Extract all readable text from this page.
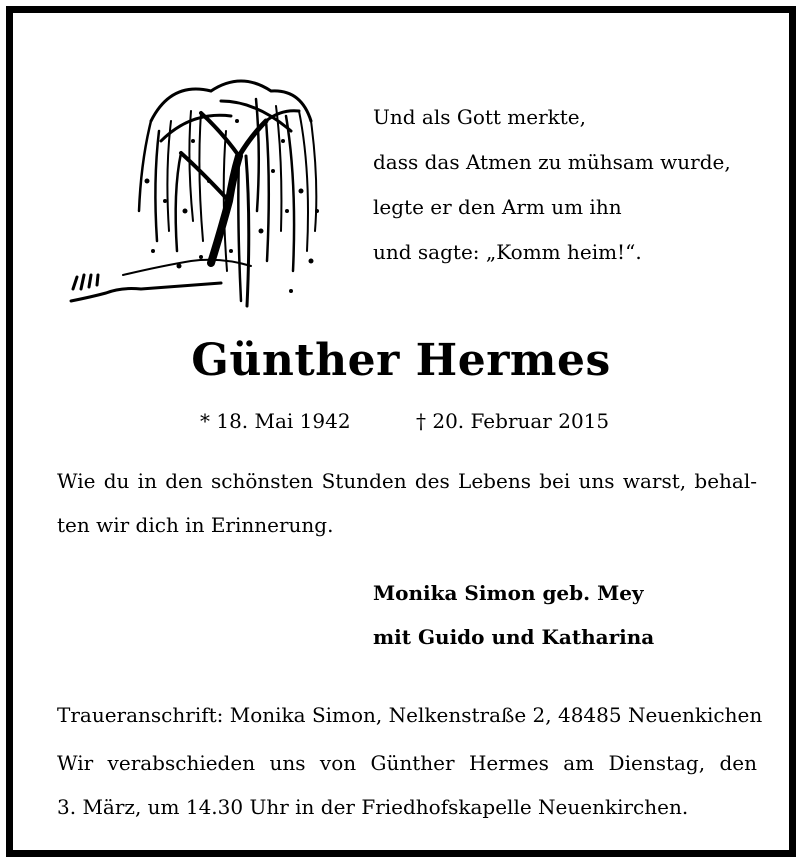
Und als Gott merkte,
dass das Atmen zu mühsam wurde,
legte er den Arm um ihn
und sagte: „Komm heim!“.
Günther Hermes
* 18. Mai 1942	† 20. Februar 2015
Wie du in den schönsten Stunden des Lebens bei uns warst, behal-
ten wir dich in Erinnerung.
Monika Simon geb. Mey
mit Guido und Katharina
Traueranschrift: Monika Simon, Nelkenstraße 2, 48485 Neuenkichen
Wir verabschieden uns von Günther Hermes am Dienstag, den
3. März, um 14.30 Uhr in der Friedhofskapelle Neuenkirchen.
